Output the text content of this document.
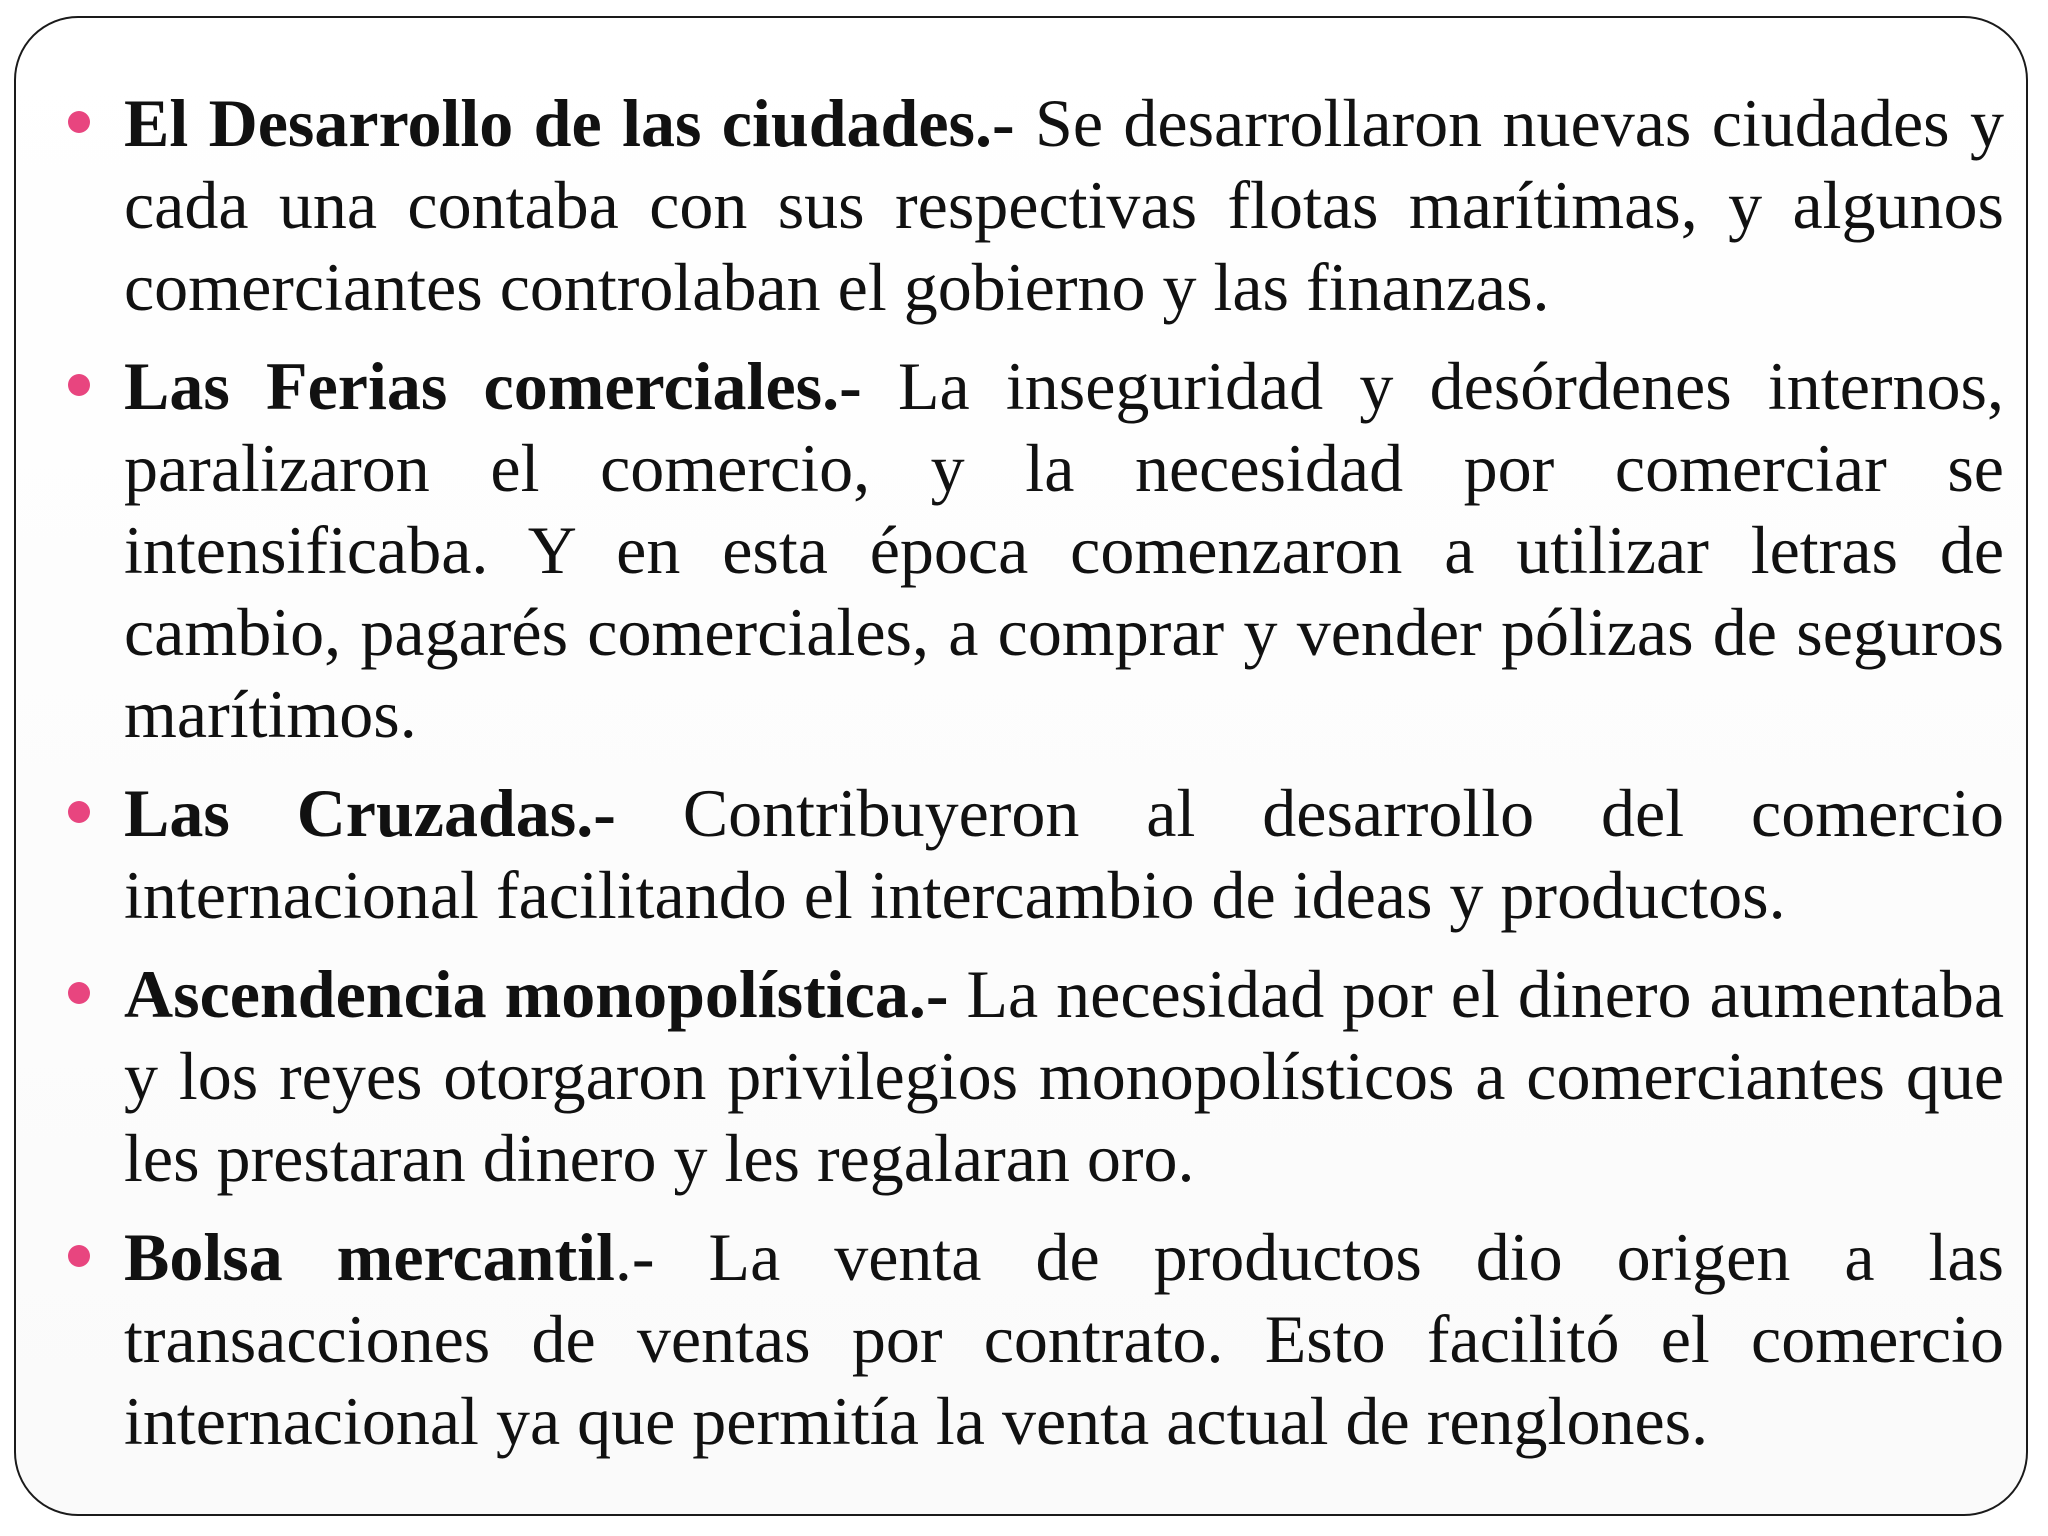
El Desarrollo de las ciudades.- Se desarrollaron nuevas ciudades y cada una contaba con sus respectivas flotas marítimas, y algunos comerciantes controlaban el gobierno y las finanzas.

Las Ferias comerciales.- La inseguridad y desórdenes internos, paralizaron el comercio, y la necesidad por comerciar se intensificaba. Y en esta época comenzaron a utilizar letras de cambio, pagarés comerciales, a comprar y vender pólizas de seguros marítimos.

Las Cruzadas.- Contribuyeron al desarrollo del comercio internacional facilitando el intercambio de ideas y productos.

Ascendencia monopolística.- La necesidad por el dinero aumentaba y los reyes otorgaron privilegios monopolísticos a comerciantes que les prestaran dinero y les regalaran oro.

Bolsa mercantil.- La venta de productos dio origen a las transacciones de ventas por contrato. Esto facilitó el comercio internacional ya que permitía la venta actual de renglones.
